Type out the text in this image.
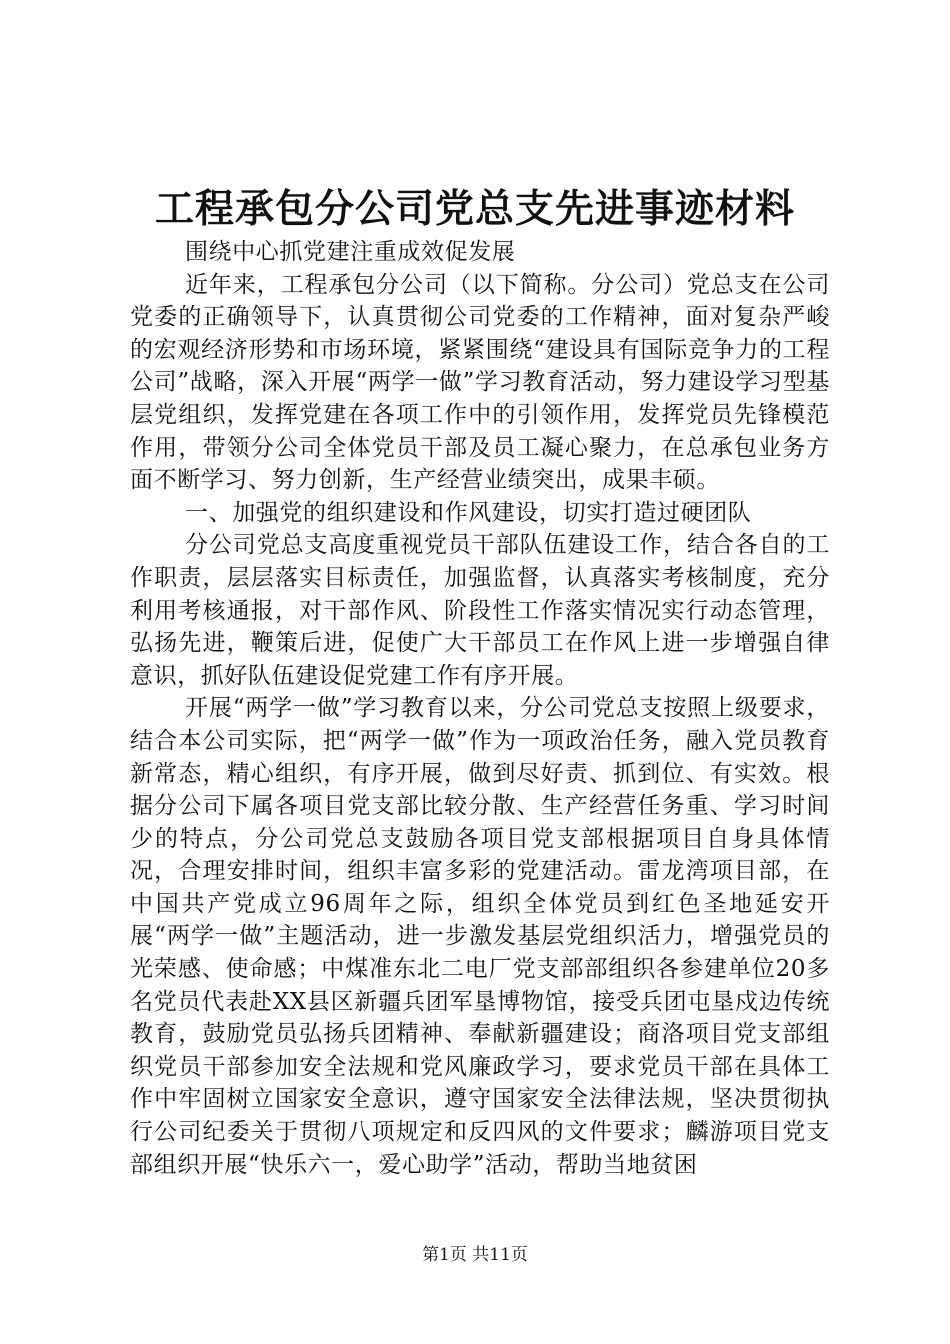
工程承包分公司党总支先进事迹材料

围绕中心抓党建注重成效促发展

近年来，工程承包分公司（以下简称。分公司）党总支在公司党委的正确领导下，认真贯彻公司党委的工作精神，面对复杂严峻的宏观经济形势和市场环境，紧紧围绕“建设具有国际竞争力的工程公司”战略，深入开展“两学一做”学习教育活动，努力建设学习型基层党组织，发挥党建在各项工作中的引领作用，发挥党员先锋模范作用，带领分公司全体党员干部及员工凝心聚力，在总承包业务方面不断学习、努力创新，生产经营业绩突出，成果丰硕。

一、加强党的组织建设和作风建设，切实打造过硬团队

分公司党总支高度重视党员干部队伍建设工作，结合各自的工作职责，层层落实目标责任，加强监督，认真落实考核制度，充分利用考核通报，对干部作风、阶段性工作落实情况实行动态管理，弘扬先进，鞭策后进，促使广大干部员工在作风上进一步增强自律意识，抓好队伍建设促党建工作有序开展。

开展“两学一做”学习教育以来，分公司党总支按照上级要求，结合本公司实际，把“两学一做”作为一项政治任务，融入党员教育新常态，精心组织，有序开展，做到尽好责、抓到位、有实效。根据分公司下属各项目党支部比较分散、生产经营任务重、学习时间少的特点，分公司党总支鼓励各项目党支部根据项目自身具体情况，合理安排时间，组织丰富多彩的党建活动。雷龙湾项目部，在中国共产党成立96周年之际，组织全体党员到红色圣地延安开展“两学一做”主题活动，进一步激发基层党组织活力，增强党员的光荣感、使命感；中煤准东北二电厂党支部部组织各参建单位20多名党员代表赴XX县区新疆兵团军垦博物馆，接受兵团屯垦戍边传统教育，鼓励党员弘扬兵团精神、奉献新疆建设；商洛项目党支部组织党员干部参加安全法规和党风廉政学习，要求党员干部在具体工作中牢固树立国家安全意识，遵守国家安全法律法规，坚决贯彻执行公司纪委关于贯彻八项规定和反四风的文件要求；麟游项目党支部组织开展“快乐六一，爱心助学”活动，帮助当地贫困

第1页 共11页
